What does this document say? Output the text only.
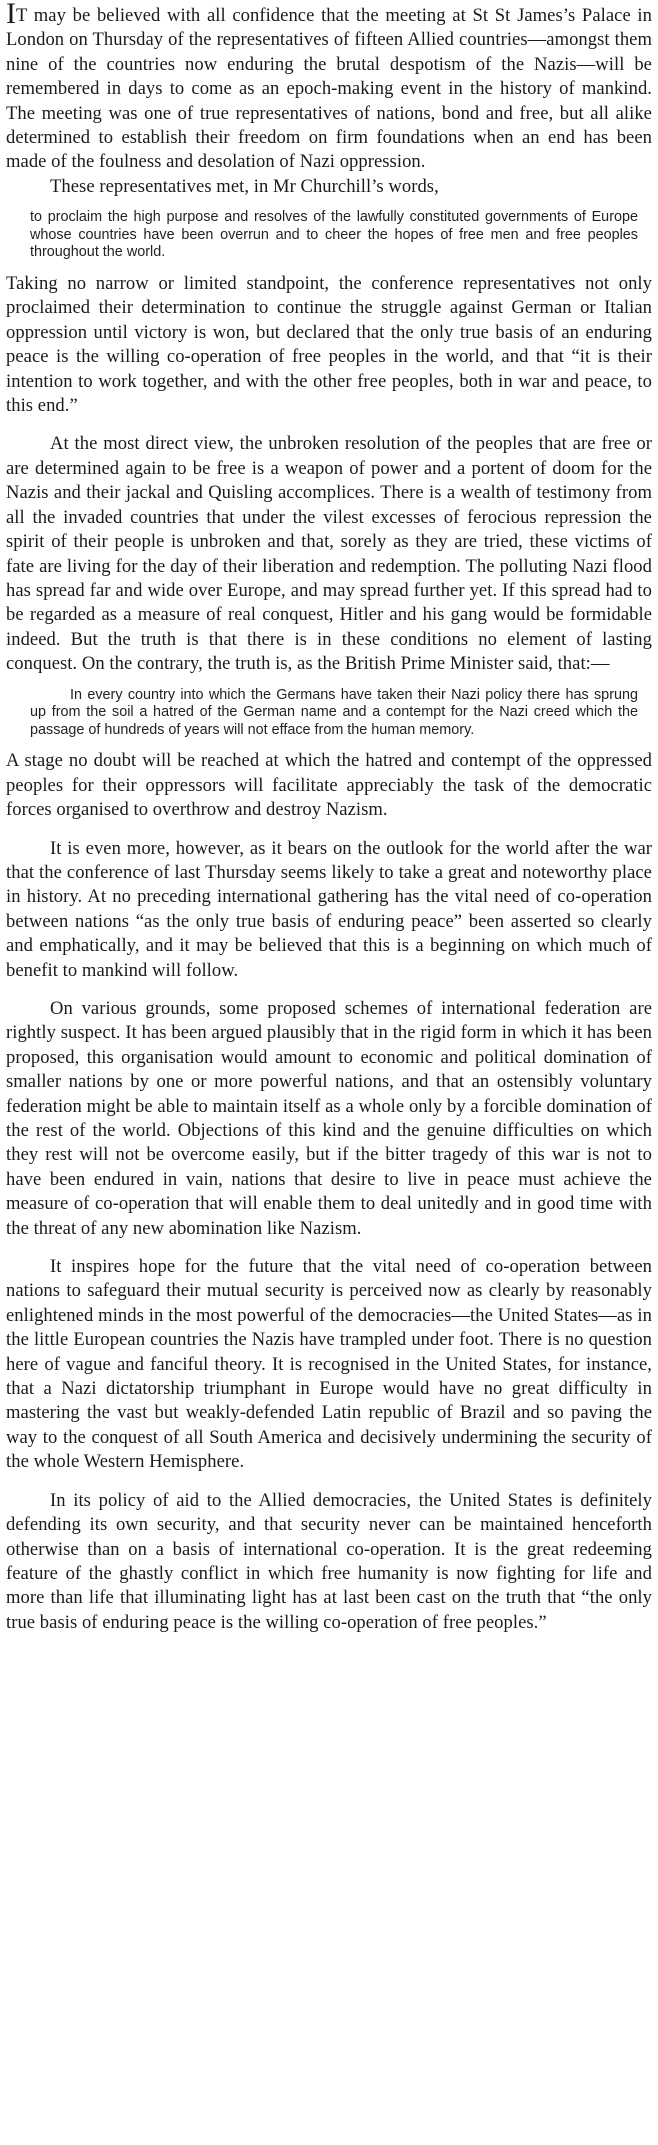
IT may be believed with all confidence that the meeting at St St James’s Palace in London on Thursday of the representatives of fifteen Allied countries—amongst them nine of the countries now enduring the brutal despotism of the Nazis—will be remembered in days to come as an epoch-making event in the history of mankind. The meeting was one of true representatives of nations, bond and free, but all alike determined to establish their freedom on firm foundations when an end has been made of the foulness and desolation of Nazi oppression.

These representatives met, in Mr Churchill’s words,

to proclaim the high purpose and resolves of the lawfully constituted governments of Europe whose countries have been overrun and to cheer the hopes of free men and free peoples throughout the world.

Taking no narrow or limited standpoint, the conference representatives not only proclaimed their determination to continue the struggle against German or Italian oppression until victory is won, but declared that the only true basis of an enduring peace is the willing co-operation of free peoples in the world, and that “it is their intention to work together, and with the other free peoples, both in war and peace, to this end.”

At the most direct view, the unbroken resolution of the peoples that are free or are determined again to be free is a weapon of power and a portent of doom for the Nazis and their jackal and Quisling accomplices. There is a wealth of testimony from all the invaded countries that under the vilest excesses of ferocious repression the spirit of their people is unbroken and that, sorely as they are tried, these victims of fate are living for the day of their liberation and redemption. The polluting Nazi flood has spread far and wide over Europe, and may spread further yet. If this spread had to be regarded as a measure of real conquest, Hitler and his gang would be formidable indeed. But the truth is that there is in these conditions no element of lasting conquest. On the contrary, the truth is, as the British Prime Minister said, that:—

In every country into which the Germans have taken their Nazi policy there has sprung up from the soil a hatred of the German name and a contempt for the Nazi creed which the passage of hundreds of years will not efface from the human memory.

A stage no doubt will be reached at which the hatred and contempt of the oppressed peoples for their oppressors will facilitate appreciably the task of the democratic forces organised to overthrow and destroy Nazism.

It is even more, however, as it bears on the outlook for the world after the war that the conference of last Thursday seems likely to take a great and noteworthy place in history. At no preceding international gathering has the vital need of co-operation between nations “as the only true basis of enduring peace” been asserted so clearly and emphatically, and it may be believed that this is a beginning on which much of benefit to mankind will follow.

On various grounds, some proposed schemes of international federation are rightly suspect. It has been argued plausibly that in the rigid form in which it has been proposed, this organisation would amount to economic and political domination of smaller nations by one or more powerful nations, and that an ostensibly voluntary federation might be able to maintain itself as a whole only by a forcible domination of the rest of the world. Objections of this kind and the genuine difficulties on which they rest will not be overcome easily, but if the bitter tragedy of this war is not to have been endured in vain, nations that desire to live in peace must achieve the measure of co-operation that will enable them to deal unitedly and in good time with the threat of any new abomination like Nazism.

It inspires hope for the future that the vital need of co-operation between nations to safeguard their mutual security is perceived now as clearly by reasonably enlightened minds in the most powerful of the democracies—the United States—as in the little European countries the Nazis have trampled under foot. There is no question here of vague and fanciful theory. It is recognised in the United States, for instance, that a Nazi dictatorship triumphant in Europe would have no great difficulty in mastering the vast but weakly-defended Latin republic of Brazil and so paving the way to the conquest of all South America and decisively undermining the security of the whole Western Hemisphere.

In its policy of aid to the Allied democracies, the United States is definitely defending its own security, and that security never can be maintained henceforth otherwise than on a basis of international co-operation. It is the great redeeming feature of the ghastly conflict in which free humanity is now fighting for life and more than life that illuminating light has at last been cast on the truth that “the only true basis of enduring peace is the willing co-operation of free peoples.”
